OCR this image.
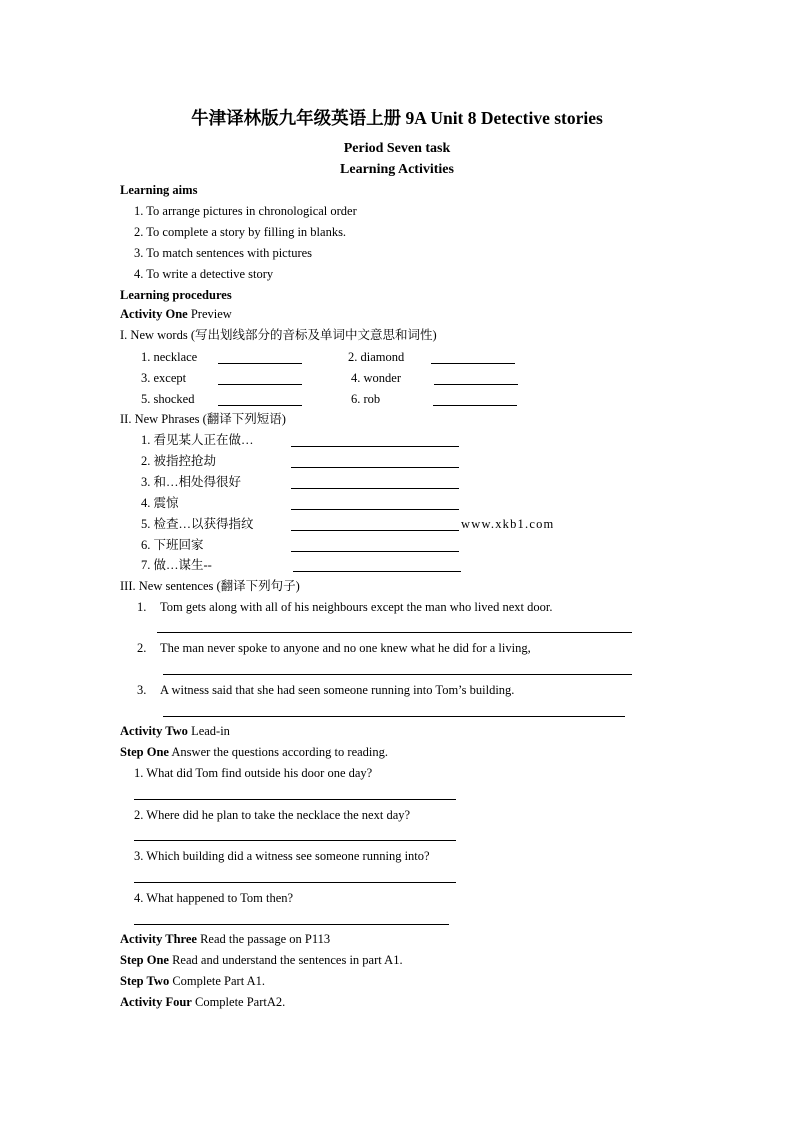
牛津译林版九年级英语上册 9A Unit 8 Detective stories
Period Seven task
Learning Activities
Learning aims
1. To arrange pictures in chronological order
2. To complete a story by filling in blanks.
3. To match sentences with pictures
4. To write a detective story
Learning procedures
Activity One Preview
I. New words (写出划线部分的音标及单词中文意思和词性)
1. necklace	2. diamond
3. except	4. wonder
5. shocked	6. rob
II. New Phrases (翻译下列短语)
1. 看见某人正在做…
2. 被指控抢劫
3. 和…相处得很好
4. 震惊
5. 检查…以获得指纹	www.xkb1.com
6. 下班回家
7. 做…谋生--
III. New sentences (翻译下列句子)
1. Tom gets along with all of his neighbours except the man who lived next door.
2. The man never spoke to anyone and no one knew what he did for a living,
3. A witness said that she had seen someone running into Tom’s building.
Activity Two Lead-in
Step One Answer the questions according to reading.
1. What did Tom find outside his door one day?
2. Where did he plan to take the necklace the next day?
3. Which building did a witness see someone running into?
4. What happened to Tom then?
Activity Three Read the passage on P113
Step One Read and understand the sentences in part A1.
Step Two Complete Part A1.
Activity Four Complete PartA2.
